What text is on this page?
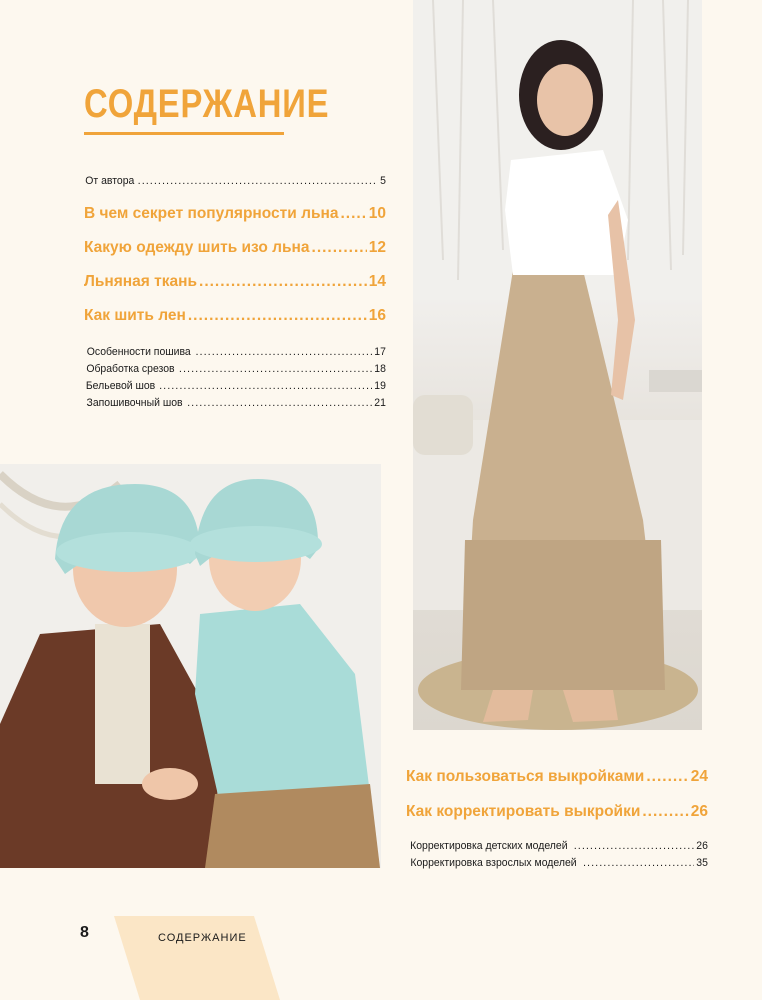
СОДЕРЖАНИЕ
От автора .....	5
В чем секрет популярности льна ..... 10
Какую одежду шить изо льна .....	12
Льняная ткань .....	14
Как шить лен .....	16
Особенности пошива .....	17
Обработка срезов .....	18
Бельевой шов .....	19
Запошивочный шов .....	21
Как пользоваться выкройками .....	24
Как корректировать выкройки .....	26
Корректировка детских моделей .....	26
Корректировка взрослых моделей .....	35
8	СОДЕРЖАНИЕ
